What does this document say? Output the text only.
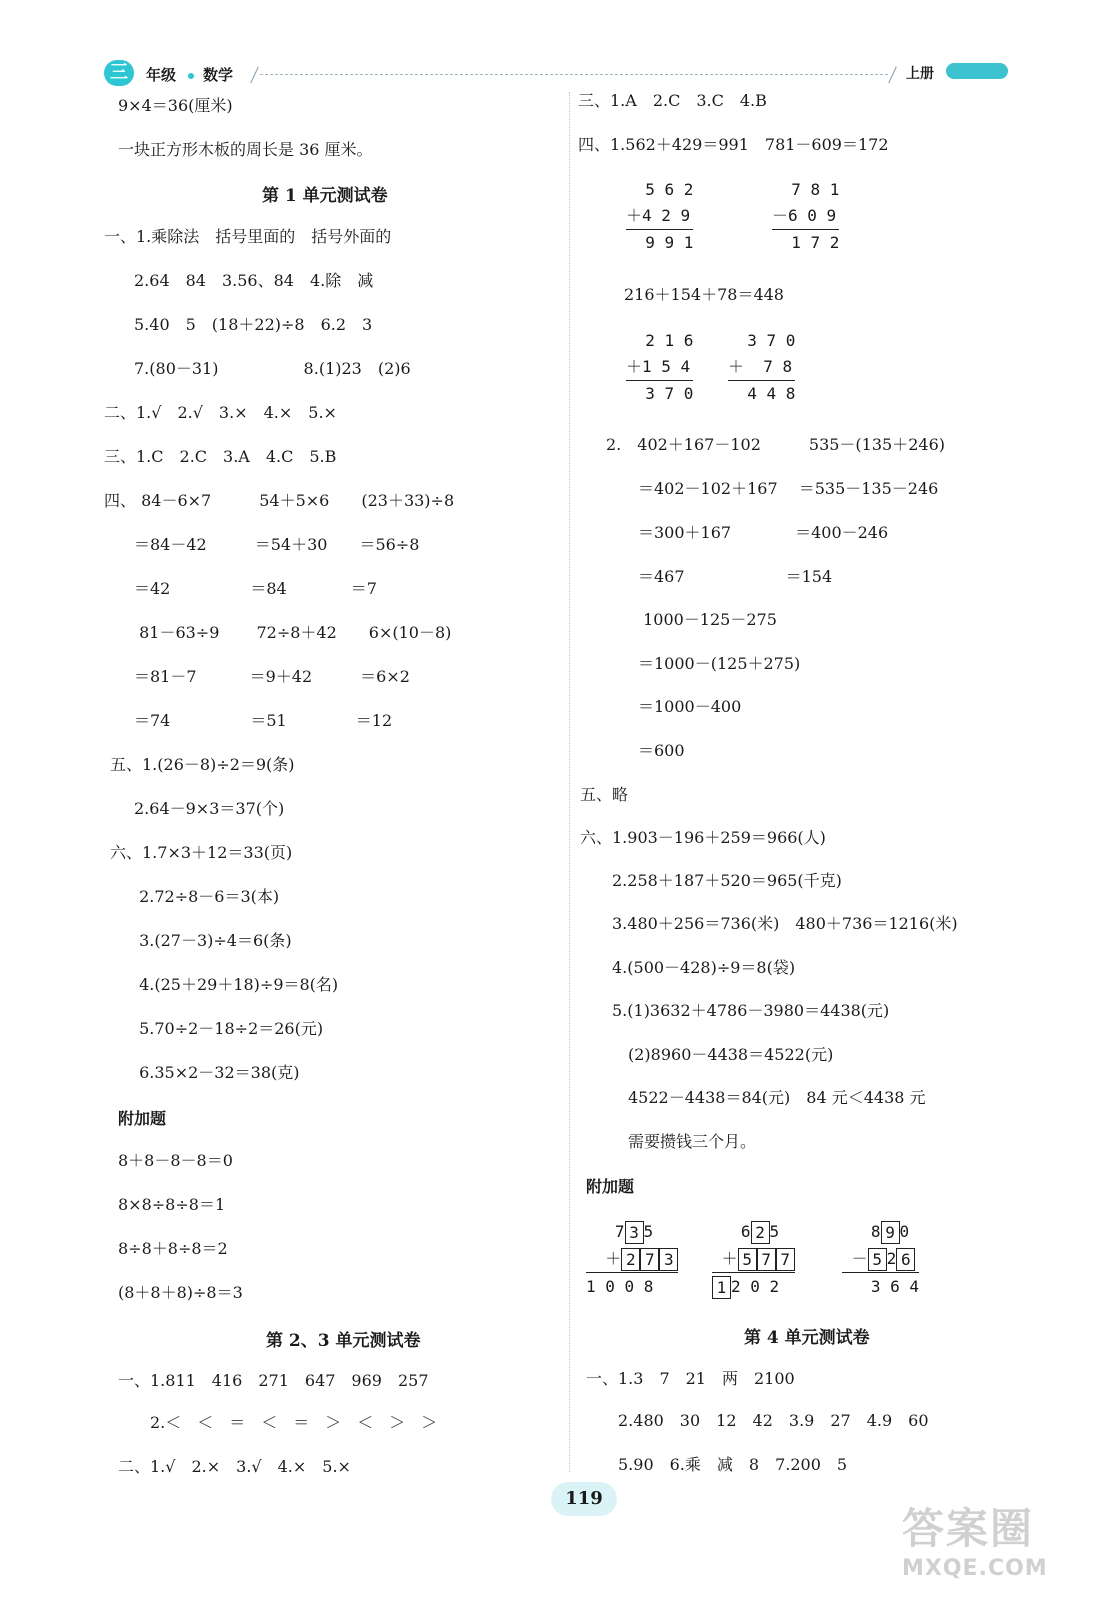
三	年级 数学	上册
9×4＝36(厘米)
一块正方形木板的周长是 36 厘米。
第 1 单元测试卷
一、1.乘除法　括号里面的　括号外面的
　2.64　84　3.56、84　4.除　减
　5.40　5　(18＋22)÷8　6.2　3
　7.(80－31)　　　　　 8.(1)23　(2)6
二、1.√　2.√　3.×　4.×　5.×
三、1.C　2.C　3.A　4.C　5.B
四、 84－6×7　　　54＋5×6　　(23＋33)÷8
　＝84－42　　　＝54＋30　　＝56÷8
　＝42　　　　　＝84　　　　＝7
　 81－63÷9　　 72÷8＋42　　6×(10－8)
　＝81－7　　　 ＝9＋42　　　＝6×2
　＝74　　　　　＝51　　　　 ＝12
五、1.(26－8)÷2＝9(条)
　2.64－9×3＝37(个)
六、1.7×3＋12＝33(页)
　 2.72÷8－6＝3(本)
　 3.(27－3)÷4＝6(条)
　 4.(25＋29＋18)÷9＝8(名)
　 5.70÷2－18÷2＝26(元)
　 6.35×2－32＝38(克)
附加题
8＋8－8－8＝0
8×8÷8÷8＝1
8÷8＋8÷8＝2
(8＋8＋8)÷8＝3
第 2、3 单元测试卷
一、1.811　416　271　647　969　257
　　2.＜　＜　＝　＜　＝　＞　＜　＞　＞
二、1.√　2.×　3.√　4.×　5.×
三、1.A　2.C　3.C　4.B
四、1.562＋429＝991　781－609＝172
5 6 2
＋4 2 9
9 9 1
7 8 1
－6 0 9
1 7 2
216＋154＋78＝448
2 1 6
＋1 5 4
3 7 0
3 7 0
＋  7 8
4 4 8
2.　402＋167－102　　　535－(135＋246)
　　＝402－102＋167　 ＝535－135－246
　　＝300＋167　　　　＝400－246
　　＝467　　　　　　 ＝154
　　 1000－125－275
　　＝1000－(125＋275)
　　＝1000－400
　　＝600
五、略
六、1.903－196＋259＝966(人)
　　2.258＋187＋520＝965(千克)
　　3.480＋256＝736(米)　480＋736＝1216(米)
　　4.(500－428)÷9＝8(袋)
　　5.(1)3632＋4786－3980＝4438(元)
　　　(2)8960－4438＝4522(元)
　　　4522－4438＝84(元)　84 元＜4438 元
　　　需要攒钱三个月。
附加题
7 3 5
＋ 2 7 3
1 0 0 8
6 2 5
＋ 5 7 7
1 2 0 2
8 9 0
－ 5 2 6
3 6 4
第 4 单元测试卷
一、1.3　7　21　两　2100
　　2.480　30　12　42　3.9　27　4.9　60
　　5.90　6.乘　减　8　7.200　5
119
答案圈
MXQE.COM
